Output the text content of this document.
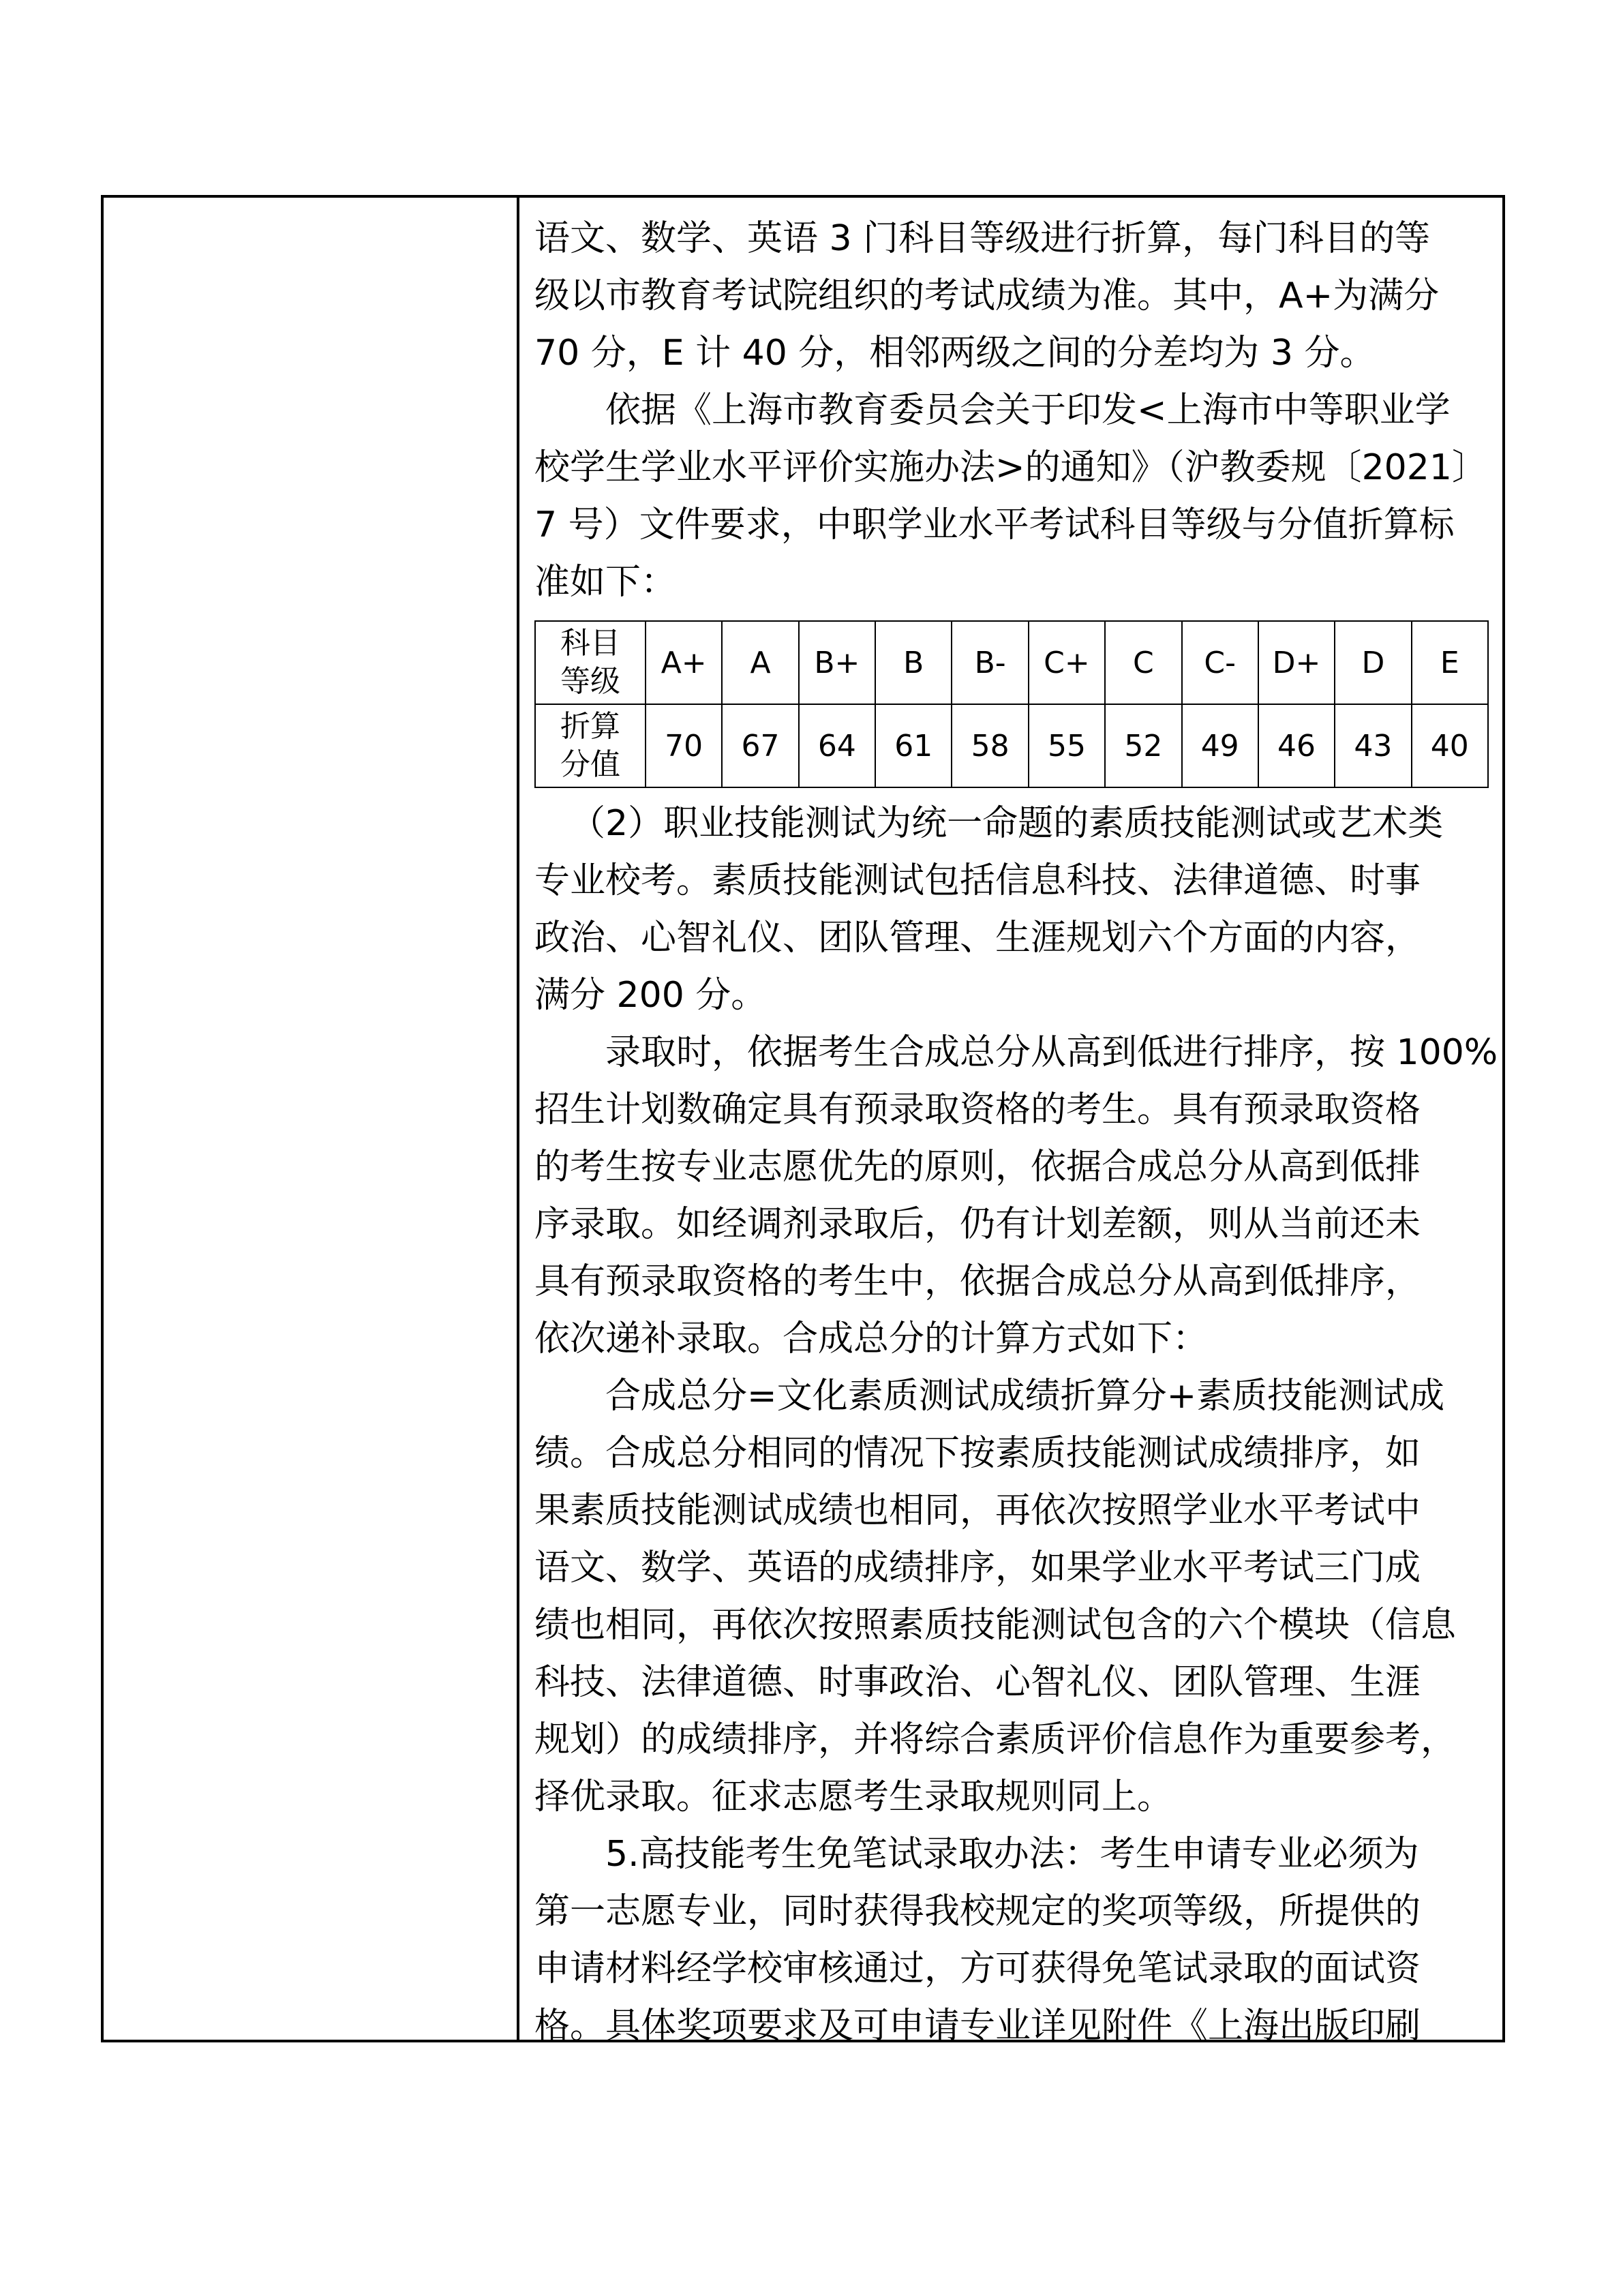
语文、数学、英语 3 门科目等级进行折算，每门科目的等
级以市教育考试院组织的考试成绩为准。其中，A+为满分
70 分，E 计 40 分，相邻两级之间的分差均为 3 分。
依据《上海市教育委员会关于印发<上海市中等职业学
校学生学业水平评价实施办法>的通知》（沪教委规〔2021〕
7 号）文件要求，中职学业水平考试科目等级与分值折算标
准如下：
科目
等级	A+	A	B+	B	B-	C+	C	C-	D+	D	E

折算
分值	70	67	64	61	58	55	52	49	46	43	40
（2）职业技能测试为统一命题的素质技能测试或艺术类
专业校考。素质技能测试包括信息科技、法律道德、时事
政治、心智礼仪、团队管理、生涯规划六个方面的内容，
满分 200 分。
录取时，依据考生合成总分从高到低进行排序，按 100%
招生计划数确定具有预录取资格的考生。具有预录取资格
的考生按专业志愿优先的原则，依据合成总分从高到低排
序录取。如经调剂录取后，仍有计划差额，则从当前还未
具有预录取资格的考生中，依据合成总分从高到低排序，
依次递补录取。合成总分的计算方式如下：
合成总分=文化素质测试成绩折算分+素质技能测试成
绩。合成总分相同的情况下按素质技能测试成绩排序，如
果素质技能测试成绩也相同，再依次按照学业水平考试中
语文、数学、英语的成绩排序，如果学业水平考试三门成
绩也相同，再依次按照素质技能测试包含的六个模块（信息
科技、法律道德、时事政治、心智礼仪、团队管理、生涯
规划）的成绩排序，并将综合素质评价信息作为重要参考，
择优录取。征求志愿考生录取规则同上。
5.高技能考生免笔试录取办法：考生申请专业必须为
第一志愿专业，同时获得我校规定的奖项等级，所提供的
申请材料经学校审核通过，方可获得免笔试录取的面试资
格。具体奖项要求及可申请专业详见附件《上海出版印刷
